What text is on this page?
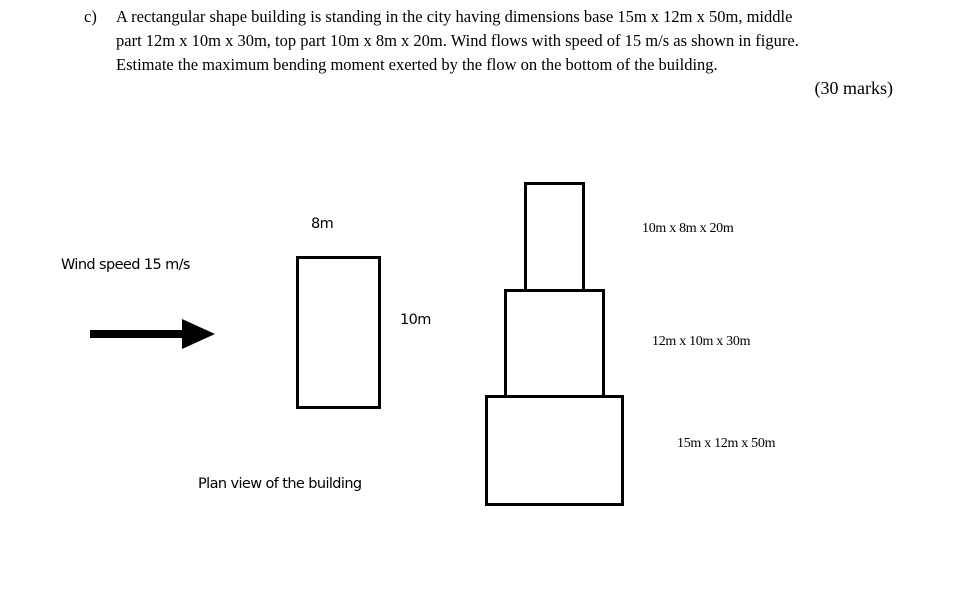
c) A rectangular shape building is standing in the city having dimensions base 15m x 12m x 50m, middle
part 12m x 10m x 30m, top part 10m x 8m x 20m. Wind flows with speed of 15 m/s as shown in figure.
Estimate the maximum bending moment exerted by the flow on the bottom of the building.
(30 marks)
Wind speed 15 m/s
8m
10m
Plan view of the building
10m x 8m x 20m
12m x 10m x 30m
15m x 12m x 50m
